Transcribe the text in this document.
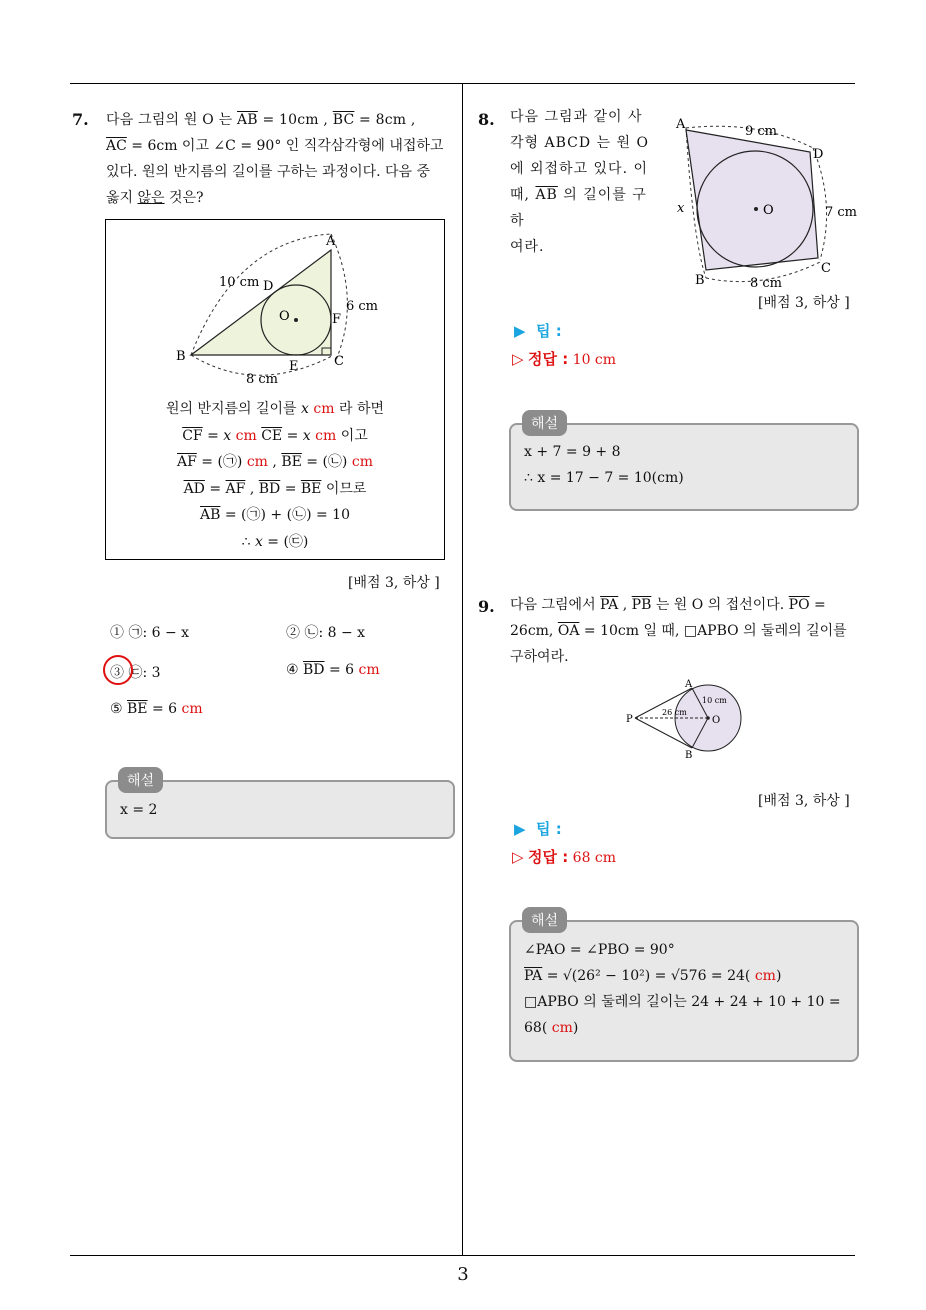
3
7. 다음 그림의 원 O 는 $\overline{AB} = 10cm$ , $\overline{BC} = 8cm$ ,
$\overline{AC} = 6cm$ 이고 ∠C = 90° 인 직각삼각형에 내접하고
있다. 원의 반지름의 길이를 구하는 과정이다. 다음 중
옳지 않은 것은?
A
B	C
D
E
F
O
10 cm
6 cm
8 cm
원의 반지름의 길이를 x cm 라 하면
$\overline{CF} = x$ cm $\overline{CE} = x$ cm 이고
$\overline{AF}$ = (㉠) cm , $\overline{BE}$ = (㉡) cm
$\overline{AD} = \overline{AF}$ , $\overline{BD} = \overline{BE}$ 이므로
$\overline{AB}$ = (㉠) + (㉡) = 10
∴ x = (㉢)
[배점 3, 하상 ]
① ㉠: 6 − x	② ㉡: 8 − x
③ ㉢: 3	④ $\overline{BD} = 6$ cm
⑤ $\overline{BE} = 6$ cm
x = 2
해설
8. 다음 그림과 같이 사
각형 ABCD 는 원 O
에 외접하고 있다. 이
때, $\overline{AB}$ 의 길이를 구하
여라.
A
B
C
D
O
9 cm
7 cm
8 cm
x
[배점 3, 하상 ]
▶  팁 :
▷ 정답 : 10 cm
x + 7 = 9 + 8
∴ x = 17 − 7 = 10(cm)
해설
9. 다음 그림에서 $\overline{PA}$ , $\overline{PB}$ 는 원 O 의 접선이다. $\overline{PO}$ =
26cm, $\overline{OA} = 10cm$ 일 때, □APBO 의 둘레의 길이를
구하여라.
P
A
B
O
26 cm
10 cm
[배점 3, 하상 ]
▶  팁 :
▷ 정답 : 68 cm
∠PAO = ∠PBO = 90°
$\overline{PA} = √(26^2 - 10^2) = √576 = 24$( cm)
□APBO 의 둘레의 길이는 24 + 24 + 10 + 10 =
68( cm)
해설
